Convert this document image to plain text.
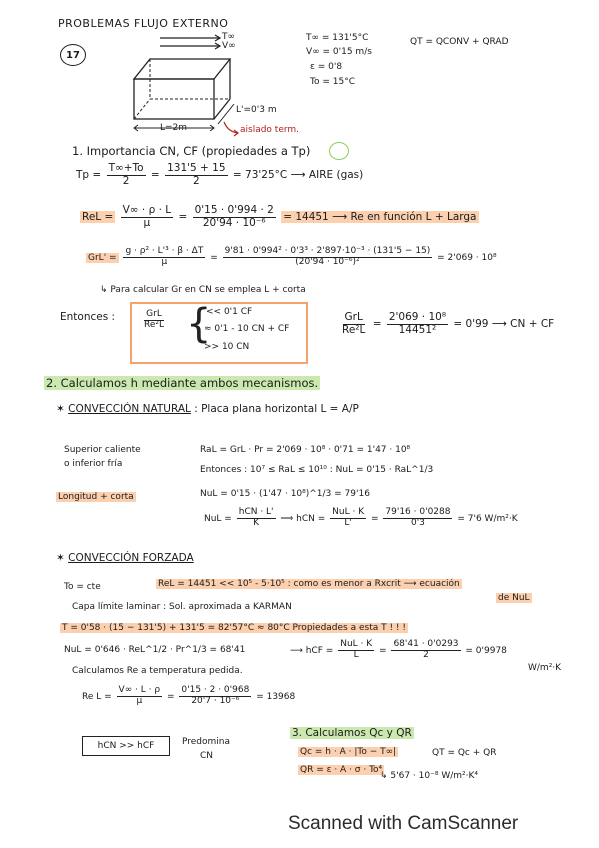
PROBLEMAS FLUJO EXTERNO
17
T∞
V∞
L'=0'3 m
L=2m	aislado term.
T∞ = 131'5°C
V∞ = 0'15 m/s
ε = 0'8
To = 15°C
QT = QCONV + QRAD
1. Importancia CN, CF (propiedades a Tp)
$Tp = \frac{T\infty+To}{2} = \frac{131'5 + 15}{2} = 73'25^\circ C$ ⟶ AIRE (gas)
ReL = $\frac{V\infty \cdot \rho \cdot L}{\mu} = \frac{0'15 \cdot 0'994 \cdot 2}{\text{20'94 · 10⁻⁶}} = 14451$ ⟶ Re en función L + Larga
$GrL' = \frac{\text{g · ρ² · L'³ · β · ΔT}}{\mu} = \frac{\text{9'81 · 0'994² · 0'3³ · 2'897·10⁻³ · (131'5 − 15)}}{\text{(20'94 · 10⁻⁶)²}} = 2'069 \cdot 10^8$
↳ Para calcular Gr en CN se emplea L + corta
Entonces :	$\frac{\text{GrL}}{\text{Re²L}}$ {
<< 0'1 CF
≈ 0'1 - 10 CN + CF
>> 10 CN
$\frac{\text{GrL}}{\text{Re²L}} = \frac{\text{2'069 · 10⁸}}{\text{14451²}} = 0'99$ ⟶ CN + CF
2. Calculamos h mediante ambos mecanismos.
✶ CONVECCIÓN NATURAL : Placa plana horizontal L = A/P
Superior caliente
o inferior fría
RaL = GrL · Pr = 2'069 · 10⁸ · 0'71 = 1'47 · 10⁸
Entonces : 10⁷ ≤ RaL ≤ 10¹⁰ : NuL = 0'15 · RaL^1/3
Longitud + corta	NuL = 0'15 · (1'47 · 10⁸)^1/3 = 79'16
NuL = $\frac{\text{hCN · L'}}{K}$ ⟹ hCN = $\frac{\text{NuL · K}}{L'} = \frac{79'16 \cdot 0'0288}{0'3} = 7'6$ W/m²·K
✶ CONVECCIÓN FORZADA
To = cte	ReL = 14451 << 10⁵ - 5·10⁵ : como es menor a Rxcrit ⟶ ecuación
de NuL
Capa límite laminar : Sol. aproximada a KARMAN
T = 0'58 · (15 − 131'5) + 131'5 = 82'57°C ≈ 80°C Propiedades a esta T ! ! !
NuL = 0'646 · ReL^1/2 · Pr^1/3 = 68'41	⟶ hCF = $\frac{\text{NuL · K}}{L} = \frac{68'41 \cdot 0'0293}{2} = 0'9978$
W/m²·K
Calculamos Re a temperatura pedida.
Re $L = \frac{V\infty \cdot L \cdot \rho}{\mu} = \frac{0'15 \cdot 2 \cdot 0'968}{\text{20'7 · 10⁻⁶}} = 13968$
hCN >> hCF	Predomina
CN
3. Calculamos Qc y QR
Qc = h · A · |To − T∞|	QT = Qc + QR
QR = ε · A · σ · To⁴
↳ 5'67 · 10⁻⁸ W/m²·K⁴
Scanned with CamScanner
